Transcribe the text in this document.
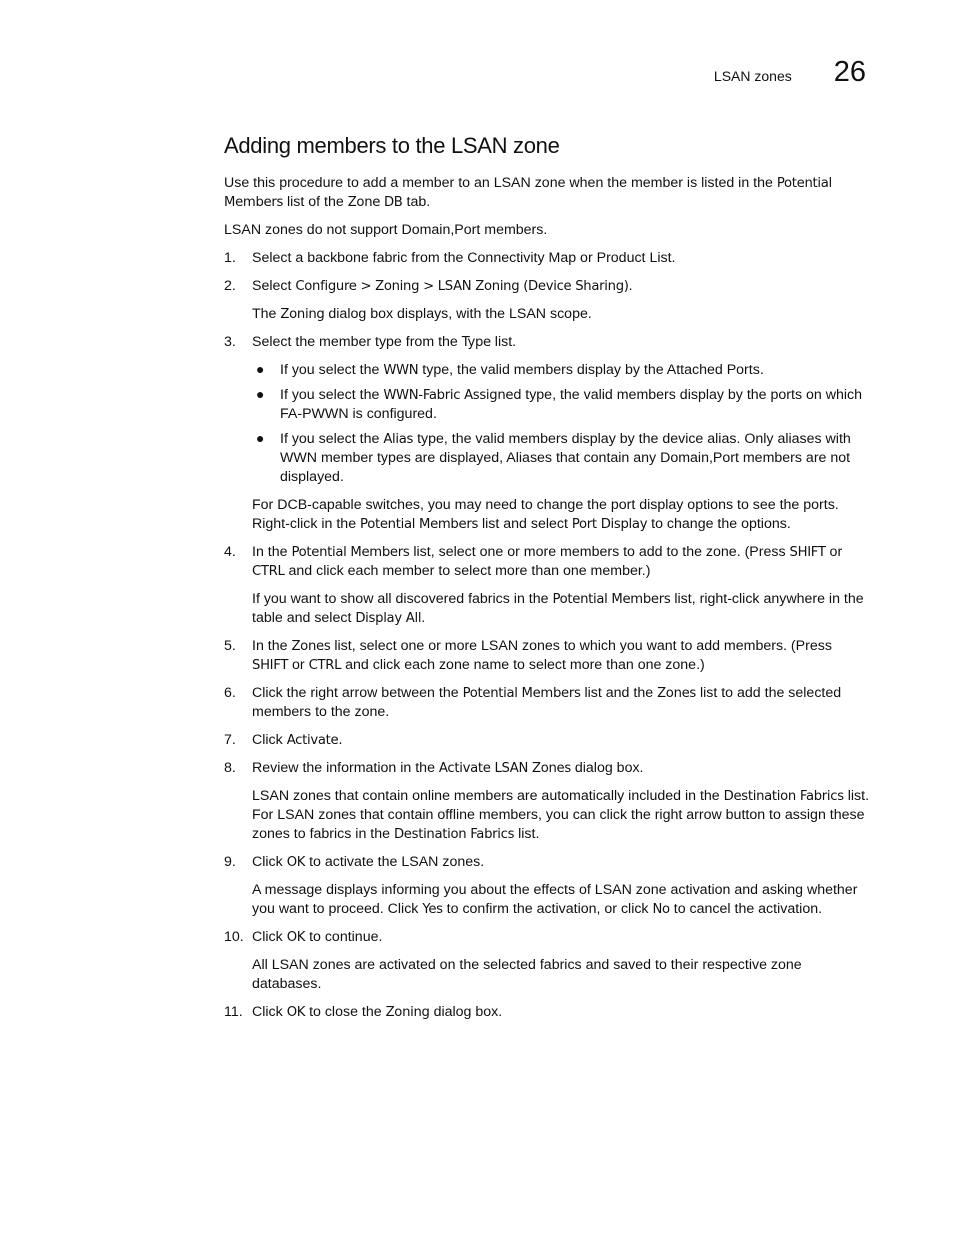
LSAN zones 26
Adding members to the LSAN zone

Use this procedure to add a member to an LSAN zone when the member is listed in the Potential Members list of the Zone DB tab.

LSAN zones do not support Domain,Port members.

1. Select a backbone fabric from the Connectivity Map or Product List.

2. Select Configure > Zoning > LSAN Zoning (Device Sharing).

The Zoning dialog box displays, with the LSAN scope.

3. Select the member type from the Type list.

● If you select the WWN type, the valid members display by the Attached Ports.
● If you select the WWN-Fabric Assigned type, the valid members display by the ports on which FA-PWWN is configured.
● If you select the Alias type, the valid members display by the device alias. Only aliases with WWN member types are displayed, Aliases that contain any Domain,Port members are not displayed.

For DCB-capable switches, you may need to change the port display options to see the ports. Right-click in the Potential Members list and select Port Display to change the options.

4. In the Potential Members list, select one or more members to add to the zone. (Press SHIFT or CTRL and click each member to select more than one member.)

If you want to show all discovered fabrics in the Potential Members list, right-click anywhere in the table and select Display All.

5. In the Zones list, select one or more LSAN zones to which you want to add members. (Press SHIFT or CTRL and click each zone name to select more than one zone.)

6. Click the right arrow between the Potential Members list and the Zones list to add the selected members to the zone.

7. Click Activate.

8. Review the information in the Activate LSAN Zones dialog box.

LSAN zones that contain online members are automatically included in the Destination Fabrics list. For LSAN zones that contain offline members, you can click the right arrow button to assign these zones to fabrics in the Destination Fabrics list.

9. Click OK to activate the LSAN zones.

A message displays informing you about the effects of LSAN zone activation and asking whether you want to proceed. Click Yes to confirm the activation, or click No to cancel the activation.

10. Click OK to continue.

All LSAN zones are activated on the selected fabrics and saved to their respective zone databases.

11. Click OK to close the Zoning dialog box.
